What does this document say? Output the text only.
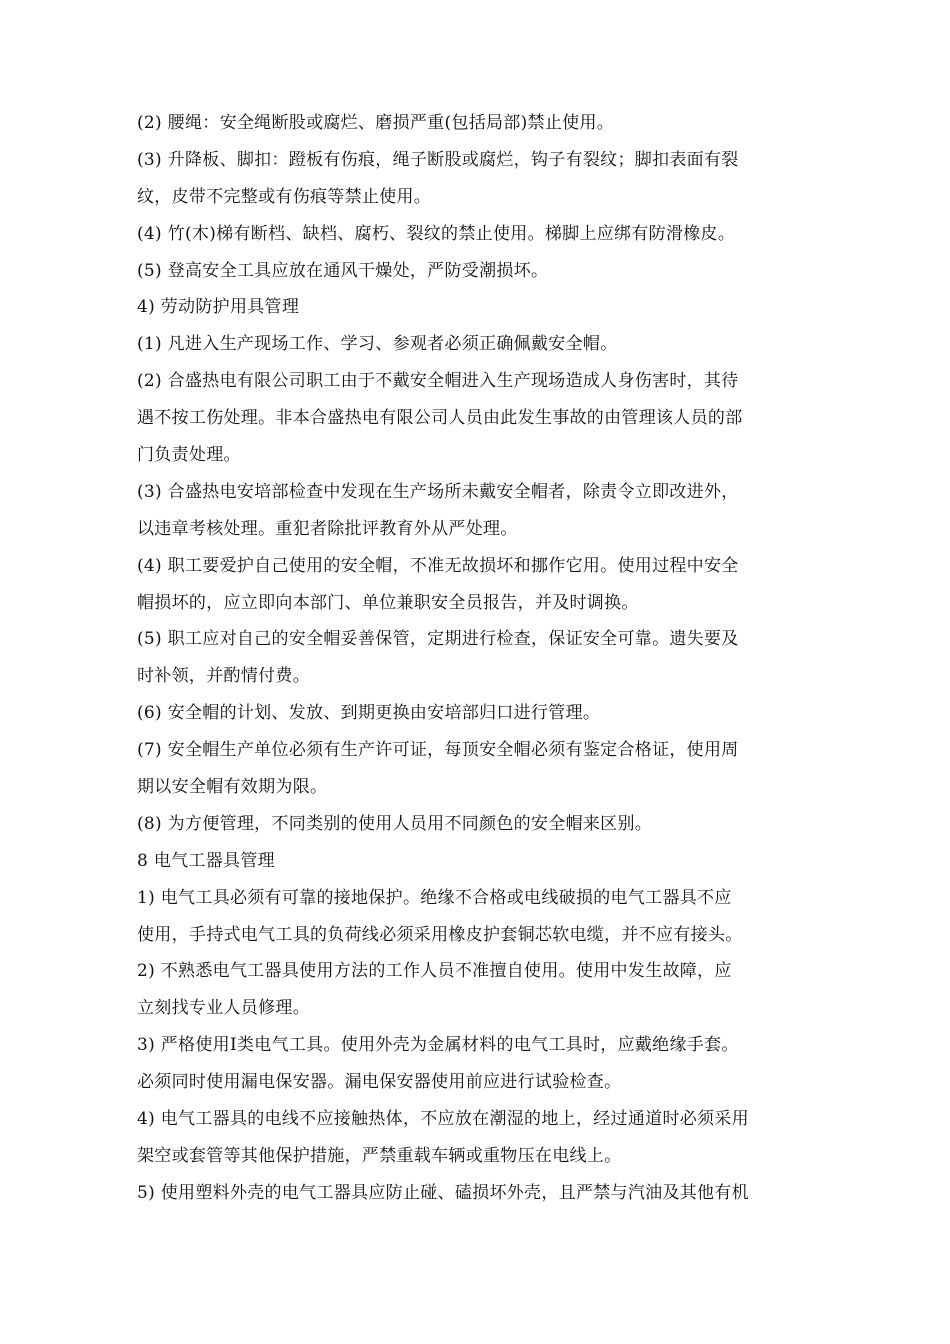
(2) 腰绳：安全绳断股或腐烂、磨损严重(包括局部)禁止使用。
(3) 升降板、脚扣：蹬板有伤痕，绳子断股或腐烂，钩子有裂纹；脚扣表面有裂
纹，皮带不完整或有伤痕等禁止使用。
(4) 竹(木)梯有断档、缺档、腐朽、裂纹的禁止使用。梯脚上应绑有防滑橡皮。
(5) 登高安全工具应放在通风干燥处，严防受潮损坏。
4) 劳动防护用具管理
(1) 凡进入生产现场工作、学习、参观者必须正确佩戴安全帽。
(2) 合盛热电有限公司职工由于不戴安全帽进入生产现场造成人身伤害时，其待
遇不按工伤处理。非本合盛热电有限公司人员由此发生事故的由管理该人员的部
门负责处理。
(3) 合盛热电安培部检查中发现在生产场所未戴安全帽者，除责令立即改进外，
以违章考核处理。重犯者除批评教育外从严处理。
(4) 职工要爱护自己使用的安全帽，不准无故损坏和挪作它用。使用过程中安全
帽损坏的，应立即向本部门、单位兼职安全员报告，并及时调换。
(5) 职工应对自己的安全帽妥善保管，定期进行检查，保证安全可靠。遗失要及
时补领，并酌情付费。
(6) 安全帽的计划、发放、到期更换由安培部归口进行管理。
(7) 安全帽生产单位必须有生产许可证，每顶安全帽必须有鉴定合格证，使用周
期以安全帽有效期为限。
(8) 为方便管理，不同类别的使用人员用不同颜色的安全帽来区别。
8 电气工器具管理
1) 电气工具必须有可靠的接地保护。绝缘不合格或电线破损的电气工器具不应
使用，手持式电气工具的负荷线必须采用橡皮护套铜芯软电缆，并不应有接头。
2) 不熟悉电气工器具使用方法的工作人员不准擅自使用。使用中发生故障，应
立刻找专业人员修理。
3) 严格使用Ⅰ类电气工具。使用外壳为金属材料的电气工具时，应戴绝缘手套。
必须同时使用漏电保安器。漏电保安器使用前应进行试验检查。
4) 电气工器具的电线不应接触热体，不应放在潮湿的地上，经过通道时必须采用
架空或套管等其他保护措施，严禁重载车辆或重物压在电线上。
5) 使用塑料外壳的电气工器具应防止碰、磕损坏外壳，且严禁与汽油及其他有机
